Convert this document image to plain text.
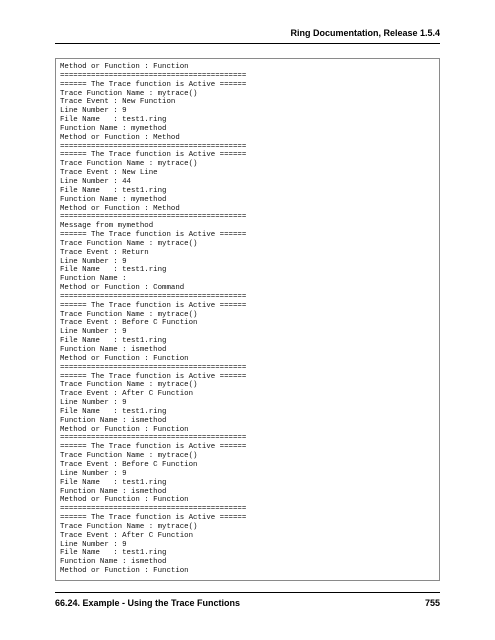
Ring Documentation, Release 1.5.4
Method or Function : Function
==========================================
====== The Trace function is Active ======
Trace Function Name : mytrace()
Trace Event : New Function
Line Number : 9
File Name   : test1.ring
Function Name : mymethod
Method or Function : Method
==========================================
====== The Trace function is Active ======
Trace Function Name : mytrace()
Trace Event : New Line
Line Number : 44
File Name   : test1.ring
Function Name : mymethod
Method or Function : Method
==========================================
Message from mymethod
====== The Trace function is Active ======
Trace Function Name : mytrace()
Trace Event : Return
Line Number : 9
File Name   : test1.ring
Function Name :
Method or Function : Command
==========================================
====== The Trace function is Active ======
Trace Function Name : mytrace()
Trace Event : Before C Function
Line Number : 9
File Name   : test1.ring
Function Name : ismethod
Method or Function : Function
==========================================
====== The Trace function is Active ======
Trace Function Name : mytrace()
Trace Event : After C Function
Line Number : 9
File Name   : test1.ring
Function Name : ismethod
Method or Function : Function
==========================================
====== The Trace function is Active ======
Trace Function Name : mytrace()
Trace Event : Before C Function
Line Number : 9
File Name   : test1.ring
Function Name : ismethod
Method or Function : Function
==========================================
====== The Trace function is Active ======
Trace Function Name : mytrace()
Trace Event : After C Function
Line Number : 9
File Name   : test1.ring
Function Name : ismethod
Method or Function : Function
66.24. Example - Using the Trace Functions	755
